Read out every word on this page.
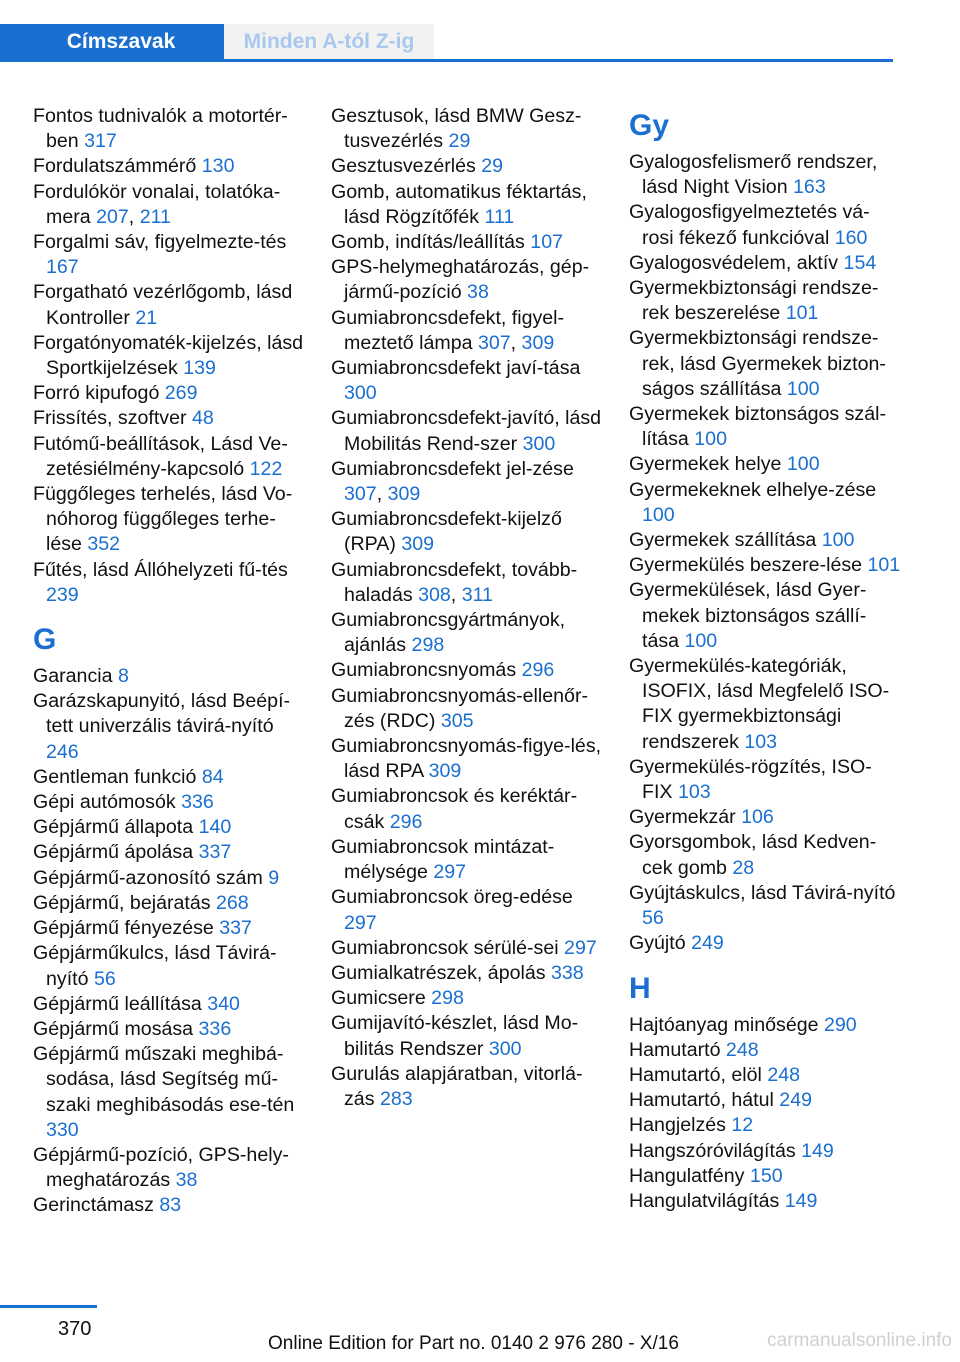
Címszavak	Minden A-tól Z-ig
Fontos tudnivalók a motortér-ben 317
Fordulatszámmérő 130
Fordulókör vonalai, tolatóka-mera 207, 211
Forgalmi sáv, figyelmezte-tés 167
Forgatható vezérlőgomb, lásd Kontroller 21
Forgatónyomaték-kijelzés, lásd Sportkijelzések 139
Forró kipufogó 269
Frissítés, szoftver 48
Futómű-beállítások, Lásd Ve-zetésiélmény-kapcsoló 122
Függőleges terhelés, lásd Vo-nóhorog függőleges terhe-lése 352
Fűtés, lásd Állóhelyzeti fű-tés 239
G
Garancia 8
Garázskapunyitó, lásd Beépí-tett univerzális távirá-nyító 246
Gentleman funkció 84
Gépi autómosók 336
Gépjármű állapota 140
Gépjármű ápolása 337
Gépjármű-azonosító szám 9
Gépjármű, bejáratás 268
Gépjármű fényezése 337
Gépjárműkulcs, lásd Távirá-nyító 56
Gépjármű leállítása 340
Gépjármű mosása 336
Gépjármű műszaki meghibá-sodása, lásd Segítség mű-szaki meghibásodás ese-tén 330
Gépjármű-pozíció, GPS-hely-meghatározás 38
Gerinctámasz 83
Gesztusok, lásd BMW Gesz-tusvezérlés 29
Gesztusvezérlés 29
Gomb, automatikus féktartás, lásd Rögzítőfék 111
Gomb, indítás/leállítás 107
GPS-helymeghatározás, gép-jármű-pozíció 38
Gumiabroncsdefekt, figyel-meztető lámpa 307, 309
Gumiabroncsdefekt javí-tása 300
Gumiabroncsdefekt-javító, lásd Mobilitás Rend-szer 300
Gumiabroncsdefekt jel-zése 307, 309
Gumiabroncsdefekt-kijelző (RPA) 309
Gumiabroncsdefekt, tovább-haladás 308, 311
Gumiabroncsgyártmányok, ajánlás 298
Gumiabroncsnyomás 296
Gumiabroncsnyomás-ellenőr-zés (RDC) 305
Gumiabroncsnyomás-figye-lés, lásd RPA 309
Gumiabroncsok és keréktár-csák 296
Gumiabroncsok mintázat-mélysége 297
Gumiabroncsok öreg-edése 297
Gumiabroncsok sérülé-sei 297
Gumialkatrészek, ápolás 338
Gumicsere 298
Gumijavító-készlet, lásd Mo-bilitás Rendszer 300
Gurulás alapjáratban, vitorlá-zás 283
Gy
Gyalogosfelismerő rendszer, lásd Night Vision 163
Gyalogosfigyelmeztetés vá-rosi fékező funkcióval 160
Gyalogosvédelem, aktív 154
Gyermekbiztonsági rendsze-rek beszerelése 101
Gyermekbiztonsági rendsze-rek, lásd Gyermekek bizton-ságos szállítása 100
Gyermekek biztonságos szál-lítása 100
Gyermekek helye 100
Gyermekeknek elhelye-zése 100
Gyermekek szállítása 100
Gyermekülés beszere-lése 101
Gyermekülések, lásd Gyer-mekek biztonságos szállí-tása 100
Gyermekülés-kategóriák, ISOFIX, lásd Megfelelő ISO-FIX gyermekbiztonsági rendszerek 103
Gyermekülés-rögzítés, ISO-FIX 103
Gyermekzár 106
Gyorsgombok, lásd Kedven-cek gomb 28
Gyújtáskulcs, lásd Távirá-nyító 56
Gyújtó 249
H
Hajtóanyag minősége 290
Hamutartó 248
Hamutartó, elöl 248
Hamutartó, hátul 249
Hangjelzés 12
Hangszóróvilágítás 149
Hangulatfény 150
Hangulatvilágítás 149
370
Online Edition for Part no. 0140 2 976 280 - X/16	carmanualsonline.info
